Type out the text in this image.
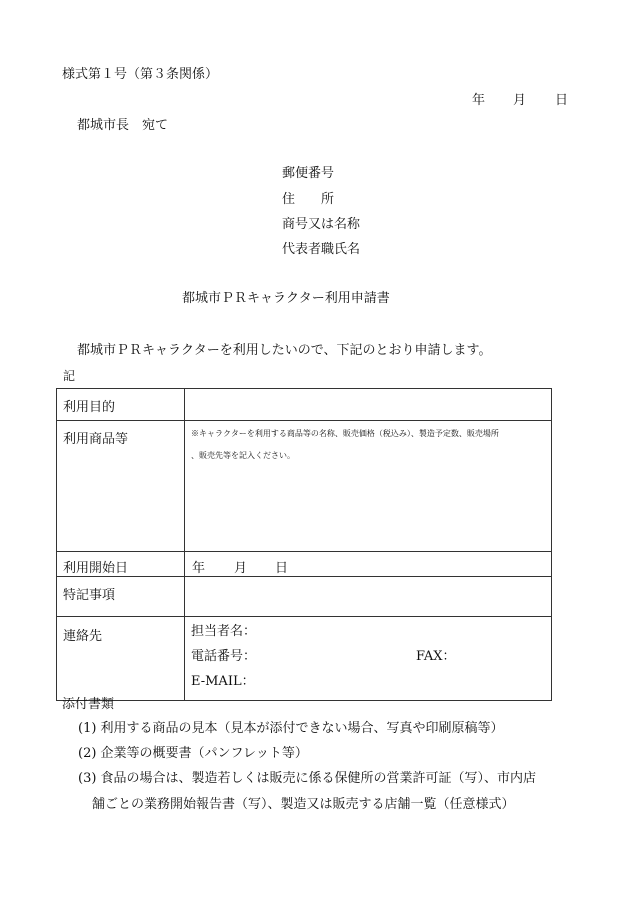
様式第１号（第３条関係）
年 月 日
都城市長　宛て
郵便番号
住　　所
商号又は名称
代表者職氏名
都城市ＰＲキャラクター利用申請書
都城市ＰＲキャラクターを利用したいので、下記のとおり申請します。
記
利用目的	
利用商品等	※キャラクターを利用する商品等の名称、販売価格（税込み）、製造予定数、販売場所
、販売先等を記入ください。

利用開始日	年 月 日

特記事項	
連絡先	担当者名：
電話番号： FAX：
E-MAIL：
添付書類
(1) 利用する商品の見本（見本が添付できない場合、写真や印刷原稿等）
(2) 企業等の概要書（パンフレット等）
(3) 食品の場合は、製造若しくは販売に係る保健所の営業許可証（写）、市内店
舗ごとの業務開始報告書（写）、製造又は販売する店舗一覧（任意様式）
